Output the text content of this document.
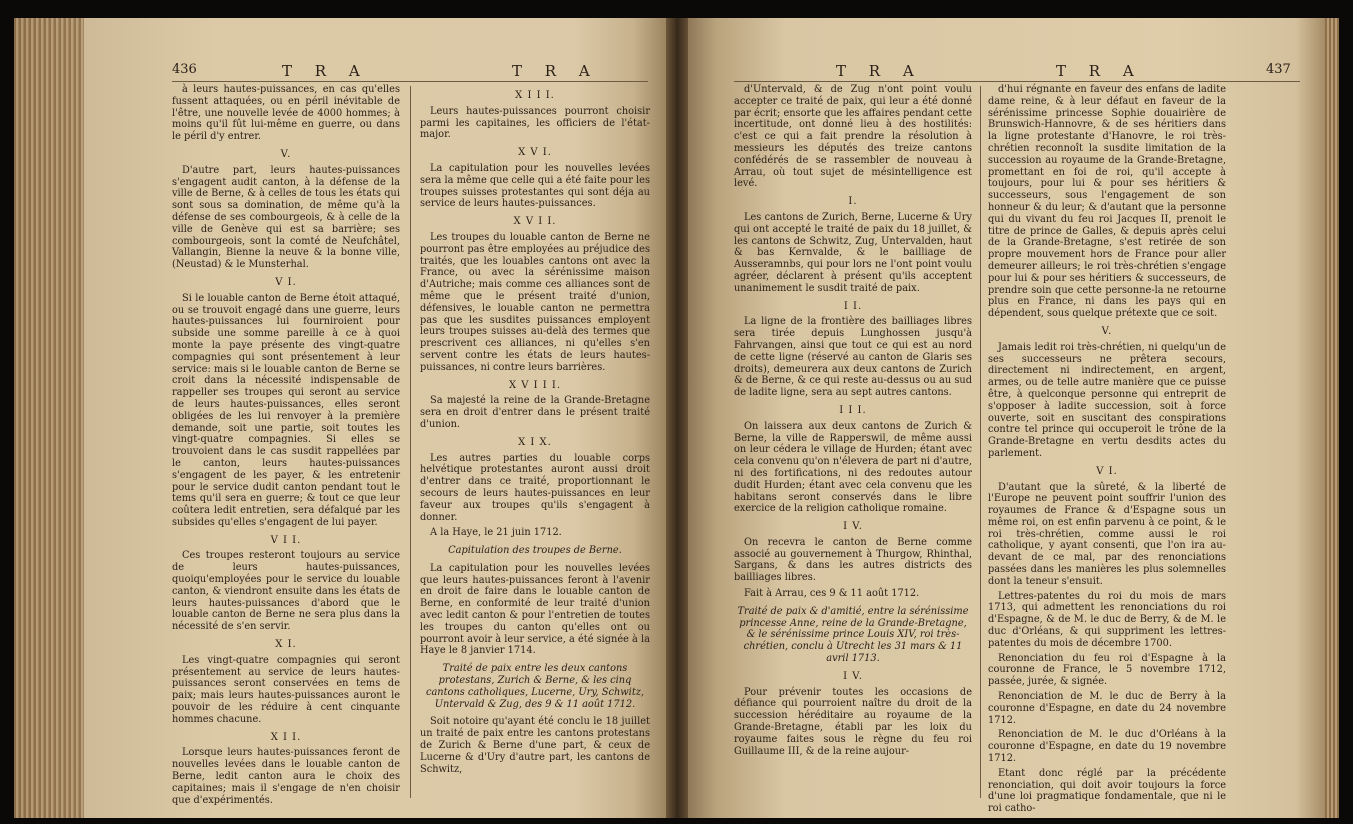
436	T R A	T R A

à leurs hautes-puissances, en cas qu'elles fussent attaquées, ou en péril inévitable de l'être, une nouvelle levée de 4000 hommes; à moins qu'il fût lui-même en guerre, ou dans le péril d'y entrer.

V.

D'autre part, leurs hautes-puissances s'engagent audit canton, à la défense de la ville de Berne, & à celles de tous les états qui sont sous sa domination, de même qu'à la défense de ses combourgeois, & à celle de la ville de Genève qui est sa barrière; ses combourgeois, sont la comté de Neufchâtel, Vallangin, Bienne la neuve & la bonne ville, (Neustad) & le Munsterhal.

V I.

Si le louable canton de Berne étoit attaqué, ou se trouvoit engagé dans une guerre, leurs hautes-puissances lui fourniroient pour subside une somme pareille à ce à quoi monte la paye présente des vingt-quatre compagnies qui sont présentement à leur service: mais si le louable canton de Berne se croit dans la nécessité indispensable de rappeller ses troupes qui seront au service de leurs hautes-puissances, elles seront obligées de les lui renvoyer à la première demande, soit une partie, soit toutes les vingt-quatre compagnies. Si elles se trouvoient dans le cas susdit rappellées par le canton, leurs hautes-puissances s'engagent de les payer, & les entretenir pour le service dudit canton pendant tout le tems qu'il sera en guerre; & tout ce que leur coûtera ledit entretien, sera défalqué par les subsides qu'elles s'engagent de lui payer.

V I I.

Ces troupes resteront toujours au service de leurs hautes-puissances, quoiqu'employées pour le service du louable canton, & viendront ensuite dans les états de leurs hautes-puissances d'abord que le louable canton de Berne ne sera plus dans la nécessité de s'en servir.

X I.

Les vingt-quatre compagnies qui seront présentement au service de leurs hautes-puissances seront conservées en tems de paix; mais leurs hautes-puissances auront le pouvoir de les réduire à cent cinquante hommes chacune.

X I I.

Lorsque leurs hautes-puissances feront de nouvelles levées dans le louable canton de Berne, ledit canton aura le choix des capitaines; mais il s'engage de n'en choisir que d'expérimentés.

X I I I.

Leurs hautes-puissances pourront choisir parmi les capitaines, les officiers de l'état-major.

X V I.

La capitulation pour les nouvelles levées sera la même que celle qui a été faite pour les troupes suisses protestantes qui sont déja au service de leurs hautes-puissances.

X V I I.

Les troupes du louable canton de Berne ne pourront pas être employées au préjudice des traités, que les louables cantons ont avec la France, ou avec la sérénissime maison d'Autriche; mais comme ces alliances sont de même que le présent traité d'union, défensives, le louable canton ne permettra pas que les susdites puissances employent leurs troupes suisses au-delà des termes que prescrivent ces alliances, ni qu'elles s'en servent contre les états de leurs hautes-puissances, ni contre leurs barrières.

X V I I I.

Sa majesté la reine de la Grande-Bretagne sera en droit d'entrer dans le présent traité d'union.

X I X.

Les autres parties du louable corps helvétique protestantes auront aussi droit d'entrer dans ce traité, proportionnant le secours de leurs hautes-puissances en leur faveur aux troupes qu'ils s'engagent à donner.

A la Haye, le 21 juin 1712.

Capitulation des troupes de Berne.

La capitulation pour les nouvelles levées que leurs hautes-puissances feront à l'avenir en droit de faire dans le louable canton de Berne, en conformité de leur traité d'union avec ledit canton & pour l'entretien de toutes les troupes du canton qu'elles ont ou pourront avoir à leur service, a été signée à la Haye le 8 janvier 1714.

Traité de paix entre les deux cantons protestans, Zurich & Berne, & les cinq cantons catholiques, Lucerne, Ury, Schwitz, Untervald & Zug, des 9 & 11 août 1712.

Soit notoire qu'ayant été conclu le 18 juillet un traité de paix entre les cantons protestans de Zurich & Berne d'une part, & ceux de Lucerne & d'Ury d'autre part, les cantons de Schwitz,

T R A	T R A	437

d'Untervald, & de Zug n'ont point voulu accepter ce traité de paix, qui leur a été donné par écrit; ensorte que les affaires pendant cette incertitude, ont donné lieu à des hostilités: c'est ce qui a fait prendre la résolution à messieurs les députés des treize cantons confédérés de se rassembler de nouveau à Arrau, où tout sujet de mésintelligence est levé.

I.

Les cantons de Zurich, Berne, Lucerne & Ury qui ont accepté le traité de paix du 18 juillet, & les cantons de Schwitz, Zug, Untervalden, haut & bas Kernvalde, & le bailliage de Ausseramnbs, qui pour lors ne l'ont point voulu agréer, déclarent à présent qu'ils acceptent unanimement le susdit traité de paix.

I I.

La ligne de la frontière des bailliages libres sera tirée depuis Lunghossen jusqu'à Fahrvangen, ainsi que tout ce qui est au nord de cette ligne (réservé au canton de Glaris ses droits), demeurera aux deux cantons de Zurich & de Berne, & ce qui reste au-dessus ou au sud de ladite ligne, sera au sept autres cantons.

I I I.

On laissera aux deux cantons de Zurich & Berne, la ville de Rapperswil, de même aussi on leur cédera le village de Hurden; étant avec cela convenu qu'on n'élevera de part ni d'autre, ni des fortifications, ni des redoutes autour dudit Hurden; étant avec cela convenu que les habitans seront conservés dans le libre exercice de la religion catholique romaine.

I V.

On recevra le canton de Berne comme associé au gouvernement à Thurgow, Rhinthal, Sargans, & dans les autres districts des bailliages libres.

Fait à Arrau, ces 9 & 11 août 1712.

Traité de paix & d'amitié, entre la sérénissime princesse Anne, reine de la Grande-Bretagne, & le sérénissime prince Louis XIV, roi très-chrétien, conclu à Utrecht les 31 mars & 11 avril 1713.

I V.

Pour prévenir toutes les occasions de défiance qui pourroient naître du droit de la succession héréditaire au royaume de la Grande-Bretagne, établi par les loix du royaume faites sous le règne du feu roi Guillaume III, & de la reine aujour-

d'hui régnante en faveur des enfans de ladite dame reine, & à leur défaut en faveur de la sérénissime princesse Sophie douairière de Brunswich-Hannovre, & de ses héritiers dans la ligne protestante d'Hanovre, le roi très-chrétien reconnoît la susdite limitation de la succession au royaume de la Grande-Bretagne, promettant en foi de roi, qu'il accepte à toujours, pour lui & pour ses héritiers & successeurs, sous l'engagement de son honneur & du leur; & d'autant que la personne qui du vivant du feu roi Jacques II, prenoit le titre de prince de Galles, & depuis après celui de la Grande-Bretagne, s'est retirée de son propre mouvement hors de France pour aller demeurer ailleurs; le roi très-chrétien s'engage pour lui & pour ses héritiers & successeurs, de prendre soin que cette personne-la ne retourne plus en France, ni dans les pays qui en dépendent, sous quelque prétexte que ce soit.

V.

Jamais ledit roi très-chrétien, ni quelqu'un de ses successeurs ne prêtera secours, directement ni indirectement, en argent, armes, ou de telle autre manière que ce puisse être, à quelconque personne qui entreprit de s'opposer à ladite succession, soit à force ouverte, soit en suscitant des conspirations contre tel prince qui occuperoit le trône de la Grande-Bretagne en vertu desdits actes du parlement.

V I.

D'autant que la sûreté, & la liberté de l'Europe ne peuvent point souffrir l'union des royaumes de France & d'Espagne sous un même roi, on est enfin parvenu à ce point, & le roi très-chrétien, comme aussi le roi catholique, y ayant consenti, que l'on ira au-devant de ce mal, par des renonciations passées dans les manières les plus solemnelles dont la teneur s'ensuit.

Lettres-patentes du roi du mois de mars 1713, qui admettent les renonciations du roi d'Espagne, & de M. le duc de Berry, & de M. le duc d'Orléans, & qui suppriment les lettres-patentes du mois de décembre 1700.

Renonciation du feu roi d'Espagne à la couronne de France, le 5 novembre 1712, passée, jurée, & signée.

Renonciation de M. le duc de Berry à la couronne d'Espagne, en date du 24 novembre 1712.

Renonciation de M. le duc d'Orléans à la couronne d'Espagne, en date du 19 novembre 1712.

Etant donc réglé par la précédente renonciation, qui doit avoir toujours la force d'une loi pragmatique fondamentale, que ni le roi catho-
